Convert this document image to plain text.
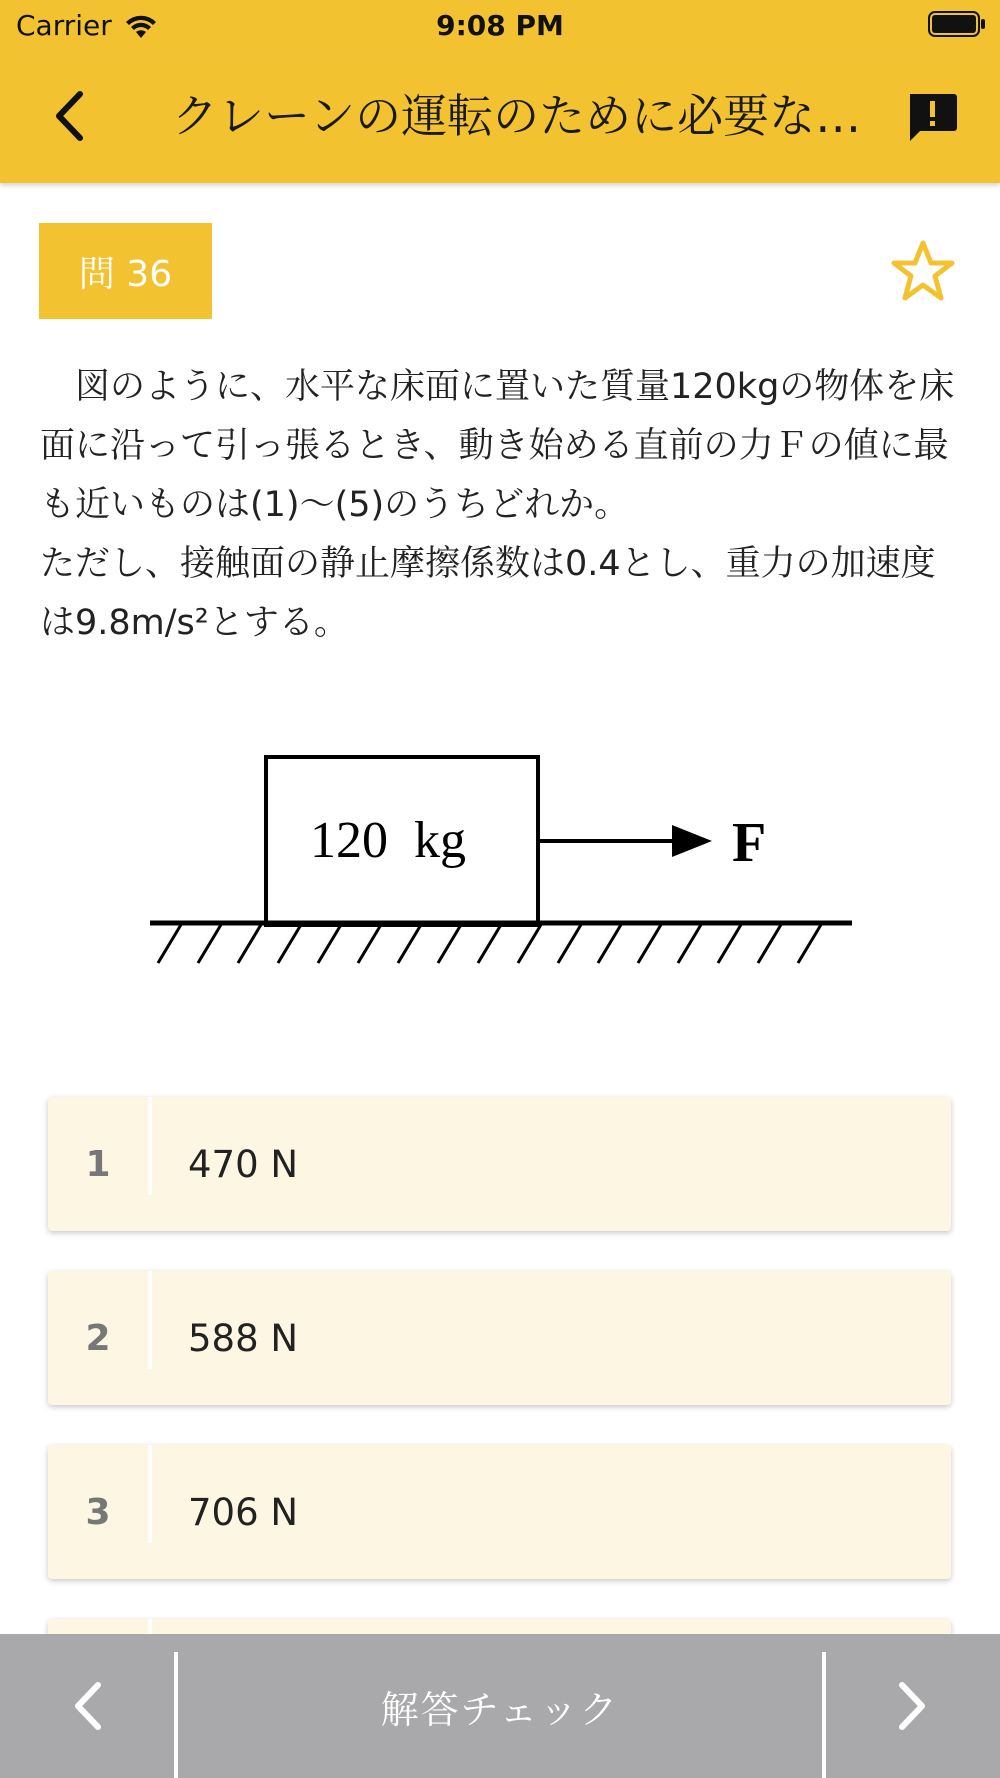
Carrier	9:08 PM
クレーンの運転のために必要な…
問 36
　図のように、水平な床面に置いた質量120kgの物体を床面に沿って引っ張るとき、動き始める直前の力Ｆの値に最も近いものは(1)～(5)のうちどれか。
ただし、接触面の静止摩擦係数は0.4とし、重力の加速度は9.8m/s²とする。
120  kg	F
1	470 N
2	588 N
3	706 N
解答チェック
